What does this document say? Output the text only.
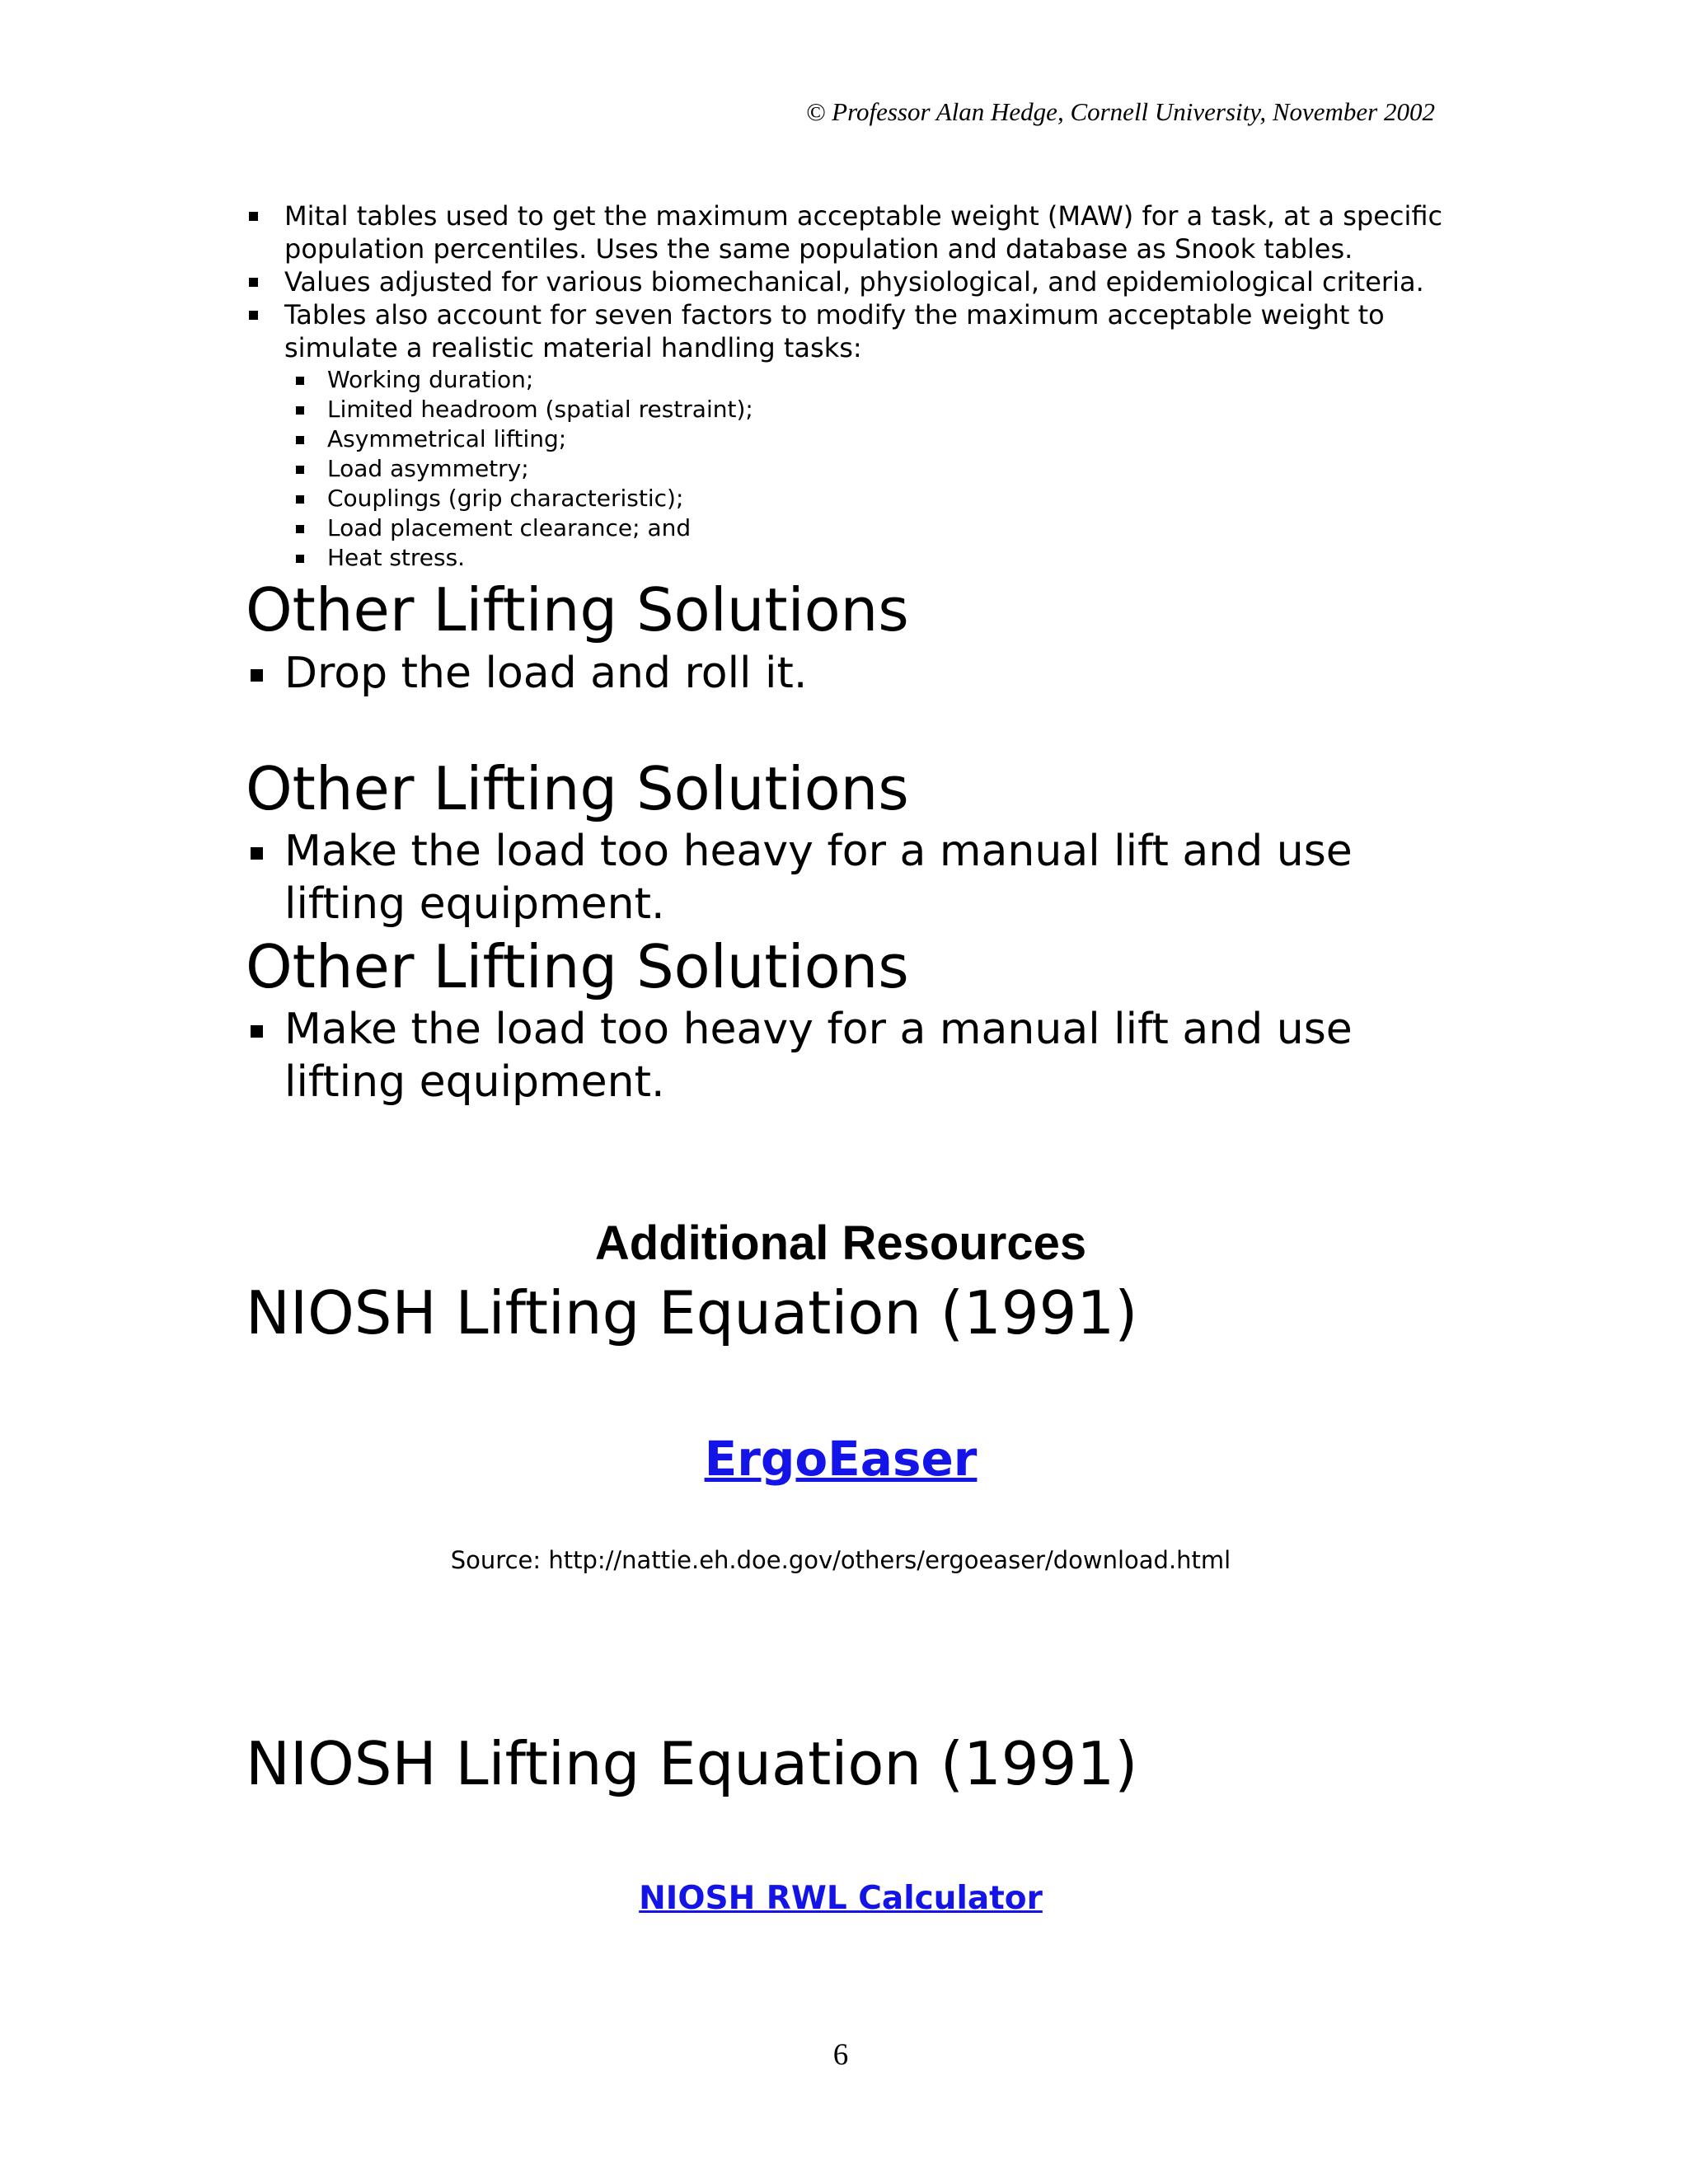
© Professor Alan Hedge, Cornell University, November 2002
Mital tables used to get the maximum acceptable weight (MAW) for a task, at a specific population percentiles. Uses the same population and database as Snook tables.
Values adjusted for various biomechanical, physiological, and epidemiological criteria.
Tables also account for seven factors to modify the maximum acceptable weight to simulate a realistic material handling tasks:
Working duration;
Limited headroom (spatial restraint);
Asymmetrical lifting;
Load asymmetry;
Couplings (grip characteristic);
Load placement clearance; and
Heat stress.
Other Lifting Solutions
Drop the load and roll it.
Other Lifting Solutions
Make the load too heavy for a manual lift and use lifting equipment.
Other Lifting Solutions
Make the load too heavy for a manual lift and use lifting equipment.
Additional Resources
NIOSH Lifting Equation (1991)
ErgoEaser
Source: http://nattie.eh.doe.gov/others/ergoeaser/download.html
NIOSH Lifting Equation (1991)
NIOSH RWL Calculator
6
